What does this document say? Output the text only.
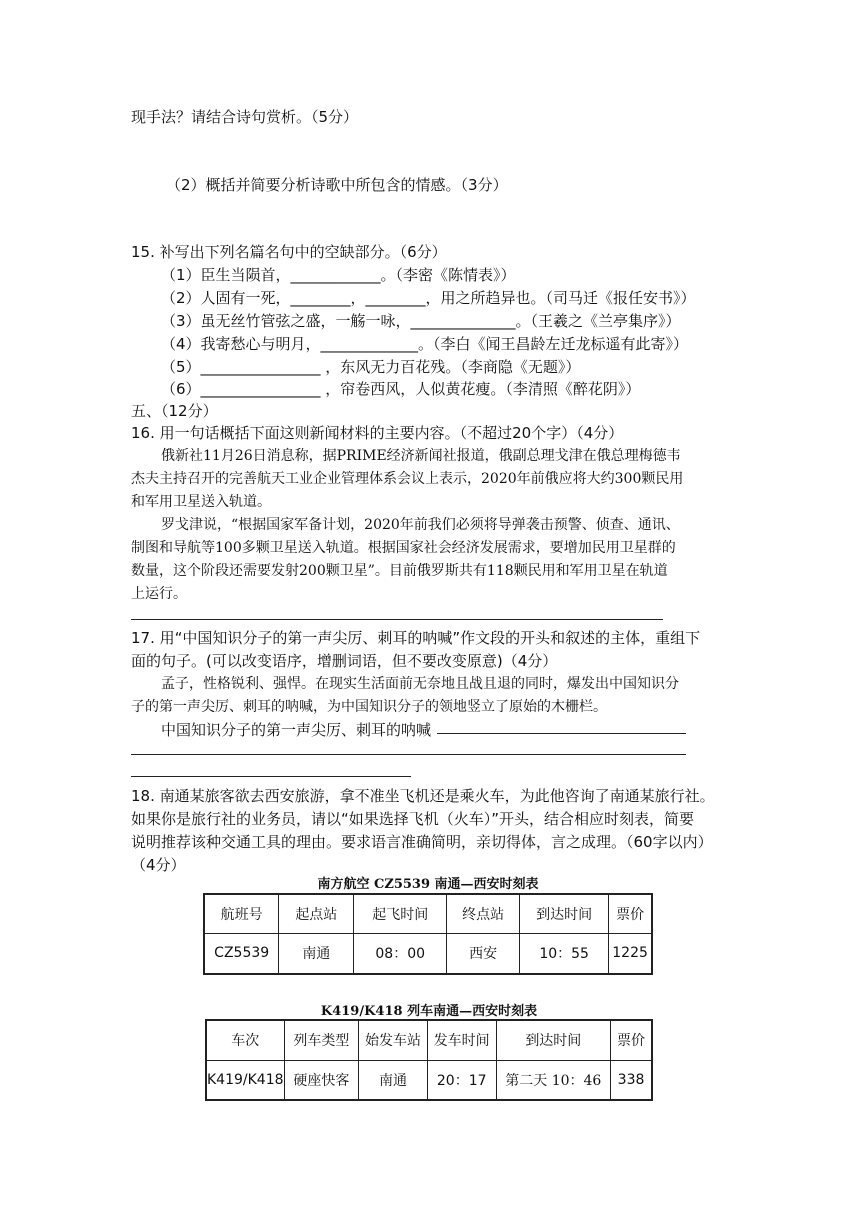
现手法？请结合诗句赏析。（5分）
（2）概括并简要分析诗歌中所包含的情感。（3分）
15. 补写出下列名篇名句中的空缺部分。（6分）
（1）臣生当陨首，____________。（李密《陈情表》）
（2）人固有一死，________，________，用之所趋异也。（司马迁《报任安书》）
（3）虽无丝竹管弦之盛，一觞一咏，______________。（王羲之《兰亭集序》）
（4）我寄愁心与明月，_____________。（李白《闻王昌龄左迁龙标遥有此寄》）
（5）________________ ，东风无力百花残。（李商隐《无题》）
（6）________________ ，帘卷西风，人似黄花瘦。（李清照《醉花阴》）
五、（12分）
16. 用一句话概括下面这则新闻材料的主要内容。（不超过20个字）（4分）
俄新社11月26日消息称，据PRIME经济新闻社报道，俄副总理戈津在俄总理梅德韦
杰夫主持召开的完善航天工业企业管理体系会议上表示，2020年前俄应将大约300颗民用
和军用卫星送入轨道。
罗戈津说，“根据国家军备计划，2020年前我们必须将导弹袭击预警、侦查、通讯、
制图和导航等100多颗卫星送入轨道。根据国家社会经济发展需求，要增加民用卫星群的
数量，这个阶段还需要发射200颗卫星”。目前俄罗斯共有118颗民用和军用卫星在轨道
上运行。
17. 用“中国知识分子的第一声尖厉、刺耳的呐喊”作文段的开头和叙述的主体，重组下
面的句子。(可以改变语序，增删词语，但不要改变原意)（4分）
孟子，性格锐利、强悍。在现实生活面前无奈地且战且退的同时，爆发出中国知识分
子的第一声尖厉、刺耳的呐喊，为中国知识分子的领地竖立了原始的木栅栏。
中国知识分子的第一声尖厉、刺耳的呐喊
18. 南通某旅客欲去西安旅游，拿不准坐飞机还是乘火车，为此他咨询了南通某旅行社。
如果你是旅行社的业务员，请以“如果选择飞机（火车）”开头，结合相应时刻表，简要
说明推荐该种交通工具的理由。要求语言准确简明，亲切得体，言之成理。（60字以内）
（4分）
南方航空 CZ5539 南通—西安时刻表
航班号	起点站	起飞时间	终点站	到达时间	票价
CZ5539	南通	08：00	西安	10：55	1225
K419/K418 列车南通—西安时刻表
车次	列车类型	始发车站	发车时间	到达时间	票价
K419/K418	硬座快客	南通	20：17	第二天 10：46	338
